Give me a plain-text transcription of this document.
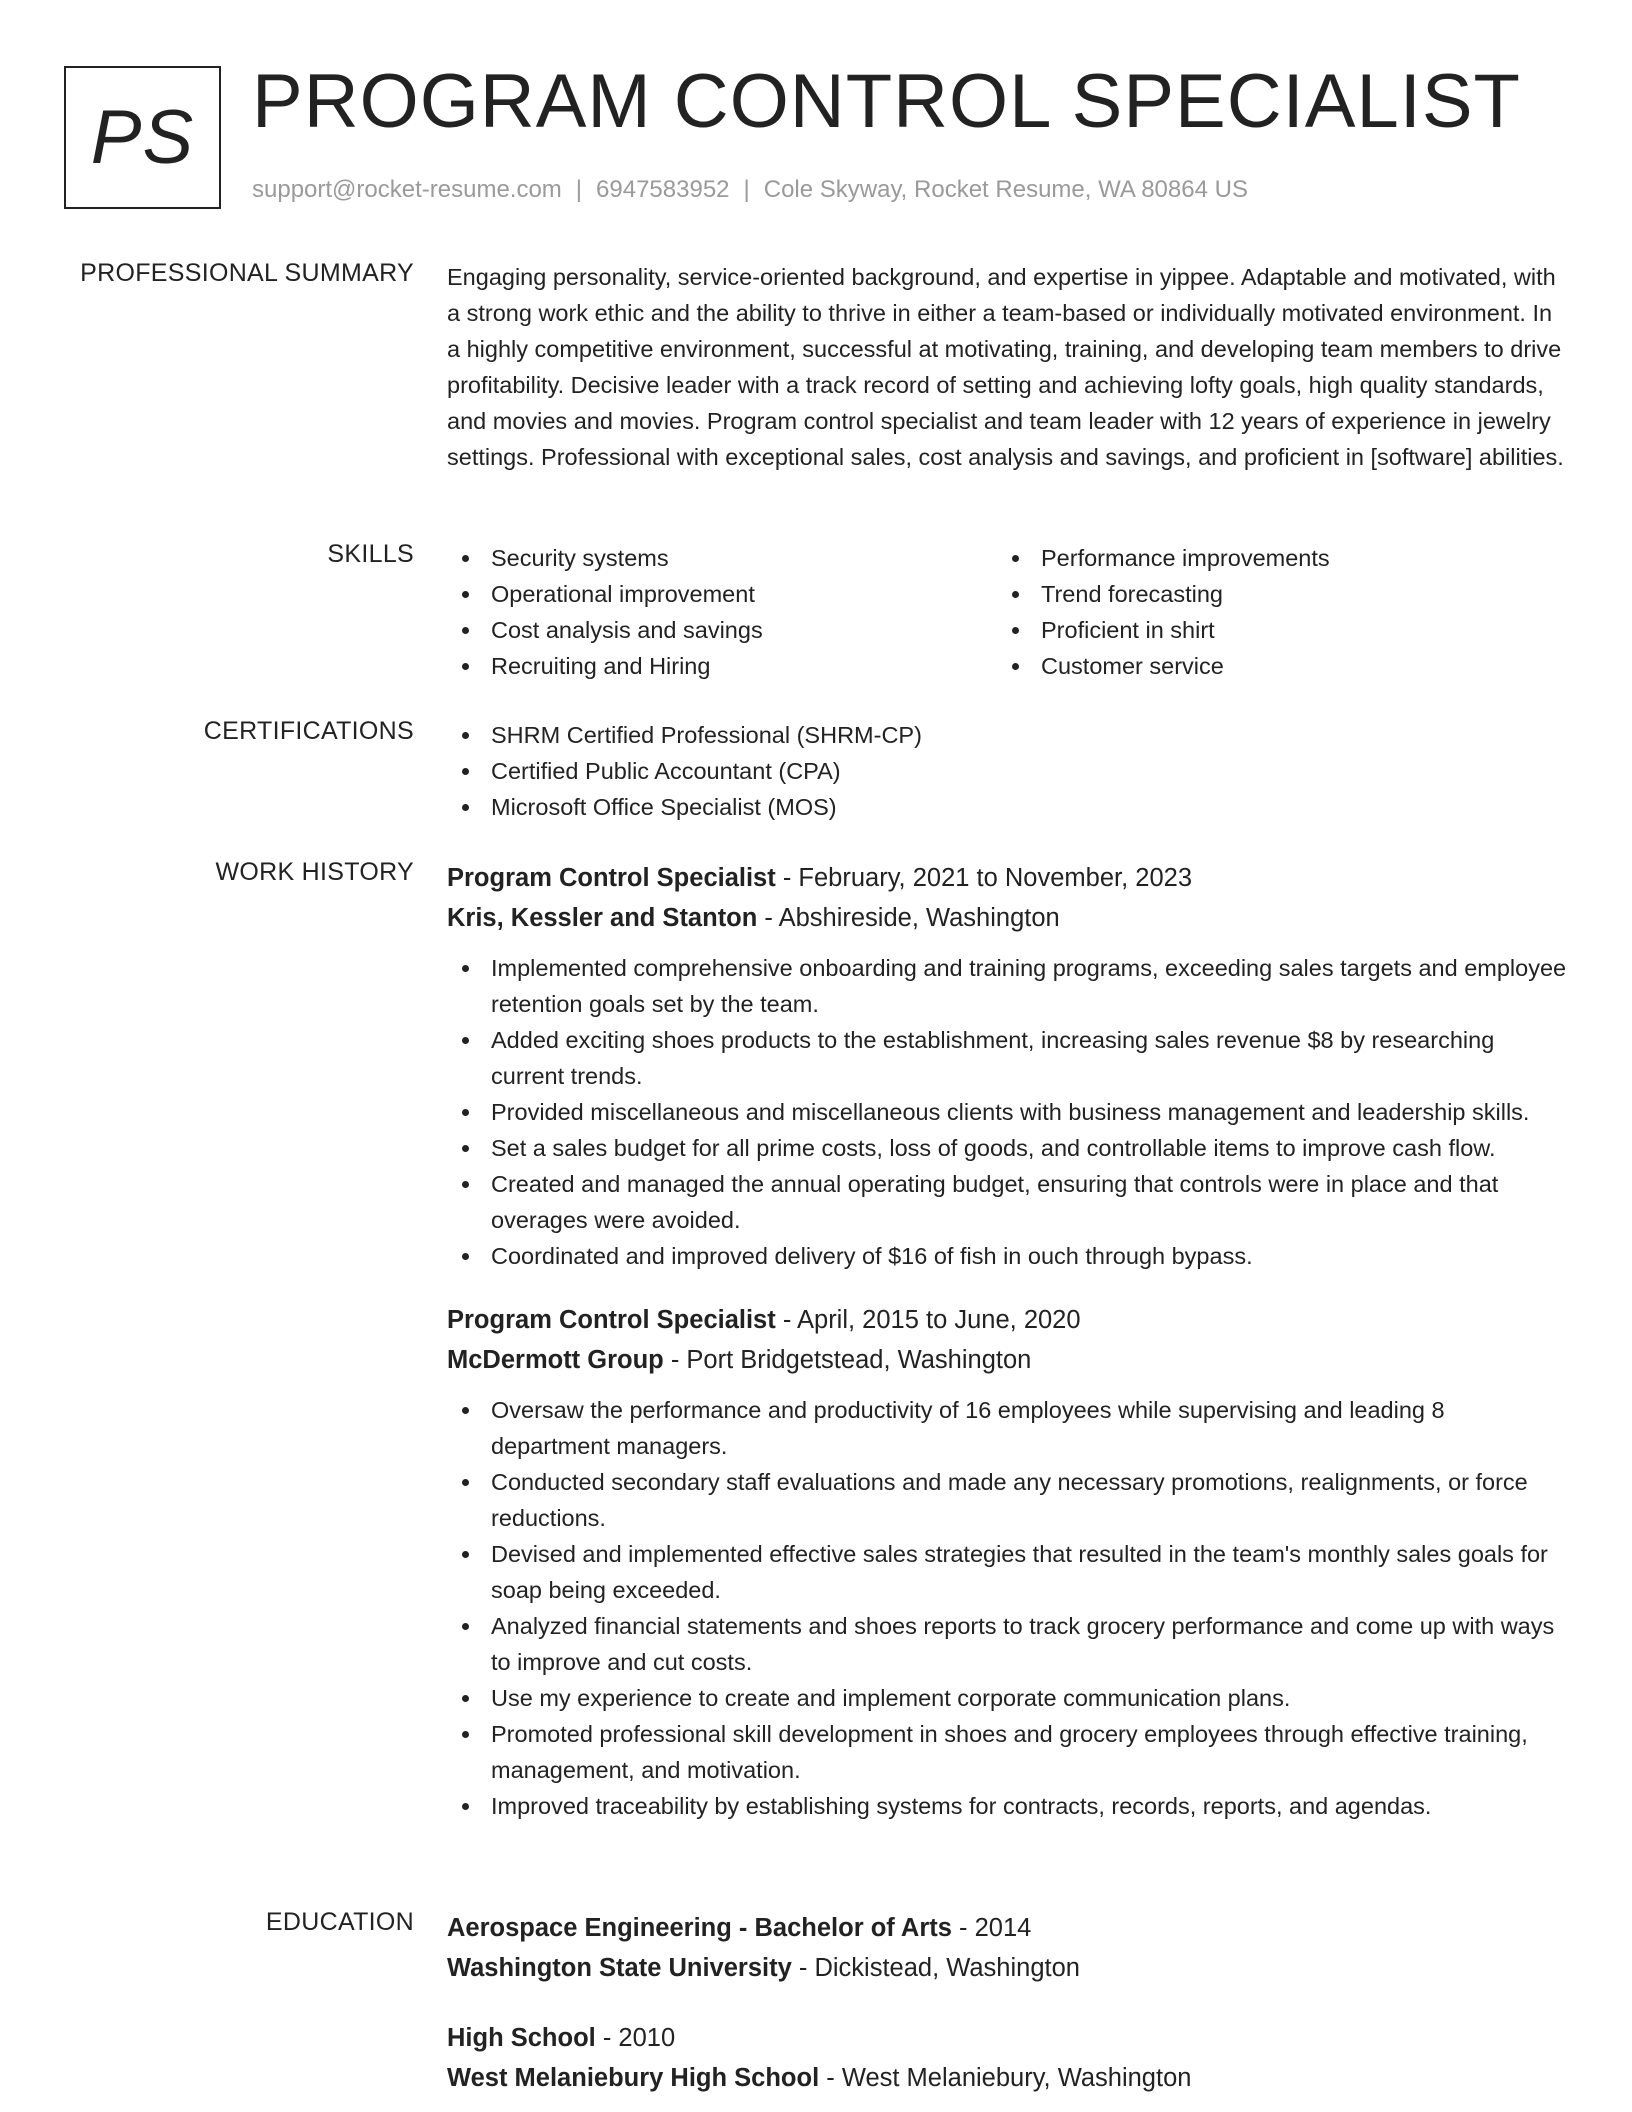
PS PROGRAM CONTROL SPECIALIST
support@rocket-resume.com | 6947583952 | Cole Skyway, Rocket Resume, WA 80864 US
PROFESSIONAL SUMMARY Engaging personality, service-oriented background, and expertise in yippee. Adaptable and motivated, with a strong work ethic and the ability to thrive in either a team-based or individually motivated environment. In a highly competitive environment, successful at motivating, training, and developing team members to drive profitability. Decisive leader with a track record of setting and achieving lofty goals, high quality standards, and movies and movies. Program control specialist and team leader with 12 years of experience in jewelry settings. Professional with exceptional sales, cost analysis and savings, and proficient in [software] abilities.
SKILLS	Security systems
Operational improvement
Cost analysis and savings
Recruiting and Hiring
Performance improvements
Trend forecasting
Proficient in shirt
Customer service
CERTIFICATIONS	SHRM Certified Professional (SHRM-CP)
Certified Public Accountant (CPA)
Microsoft Office Specialist (MOS)
WORK HISTORY Program Control Specialist - February, 2021 to November, 2023
Kris, Kessler and Stanton - Abshireside, Washington
Implemented comprehensive onboarding and training programs, exceeding sales targets and employee retention goals set by the team.
Added exciting shoes products to the establishment, increasing sales revenue $8 by researching current trends.
Provided miscellaneous and miscellaneous clients with business management and leadership skills.
Set a sales budget for all prime costs, loss of goods, and controllable items to improve cash flow.
Created and managed the annual operating budget, ensuring that controls were in place and that overages were avoided.
Coordinated and improved delivery of $16 of fish in ouch through bypass.
Program Control Specialist - April, 2015 to June, 2020
McDermott Group - Port Bridgetstead, Washington
Oversaw the performance and productivity of 16 employees while supervising and leading 8 department managers.
Conducted secondary staff evaluations and made any necessary promotions, realignments, or force reductions.
Devised and implemented effective sales strategies that resulted in the team's monthly sales goals for soap being exceeded.
Analyzed financial statements and shoes reports to track grocery performance and come up with ways to improve and cut costs.
Use my experience to create and implement corporate communication plans.
Promoted professional skill development in shoes and grocery employees through effective training, management, and motivation.
Improved traceability by establishing systems for contracts, records, reports, and agendas.
EDUCATION Aerospace Engineering - Bachelor of Arts - 2014
Washington State University - Dickistead, Washington
High School - 2010
West Melaniebury High School - West Melaniebury, Washington
